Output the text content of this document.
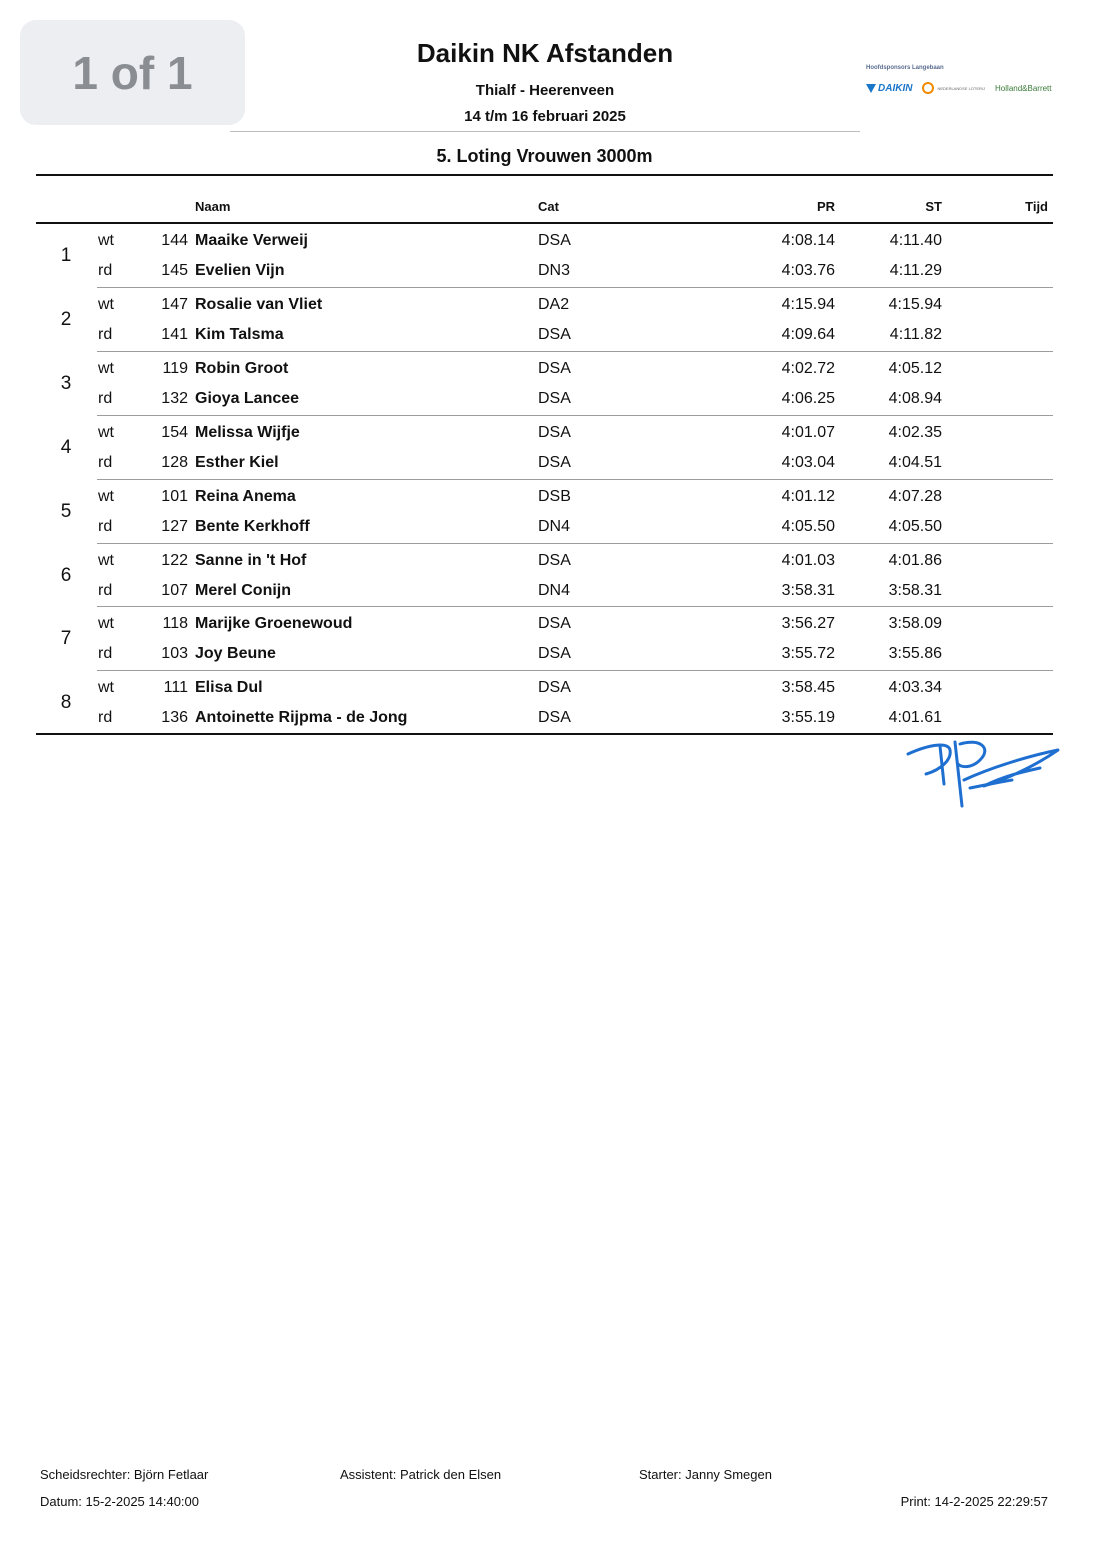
1 of 1	Daikin NK Afstanden
Thialf - Heerenveen
14 t/m 16 februari 2025
Hoofdsponsors Langebaan
DAIKIN	NEDERLANDSE LOTERIJ Holland&Barrett
5. Loting Vrouwen 3000m
Naam	Cat	PR	ST	Tijd
1
wt	144 Maaike Verweij	DSA	4:08.14	4:11.40
rd	145 Evelien Vijn	DN3	4:03.76	4:11.29
2
wt	147 Rosalie van Vliet	DA2	4:15.94	4:15.94
rd	141 Kim Talsma	DSA	4:09.64	4:11.82
3
wt	119 Robin Groot	DSA	4:02.72	4:05.12
rd	132 Gioya Lancee	DSA	4:06.25	4:08.94
4
wt	154 Melissa Wijfje	DSA	4:01.07	4:02.35
rd	128 Esther Kiel	DSA	4:03.04	4:04.51
5
wt	101 Reina Anema	DSB	4:01.12	4:07.28
rd	127 Bente Kerkhoff	DN4	4:05.50	4:05.50
6
wt	122 Sanne in 't Hof	DSA	4:01.03	4:01.86
rd	107 Merel Conijn	DN4	3:58.31	3:58.31
7
wt	118 Marijke Groenewoud	DSA	3:56.27	3:58.09
rd	103 Joy Beune	DSA	3:55.72	3:55.86
8
wt	111 Elisa Dul	DSA	3:58.45	4:03.34
rd	136 Antoinette Rijpma - de Jong	DSA	3:55.19	4:01.61
Scheidsrechter: Björn Fetlaar	Assistent: Patrick den Elsen	Starter: Janny Smegen
Datum: 15-2-2025 14:40:00	Print: 14-2-2025 22:29:57
